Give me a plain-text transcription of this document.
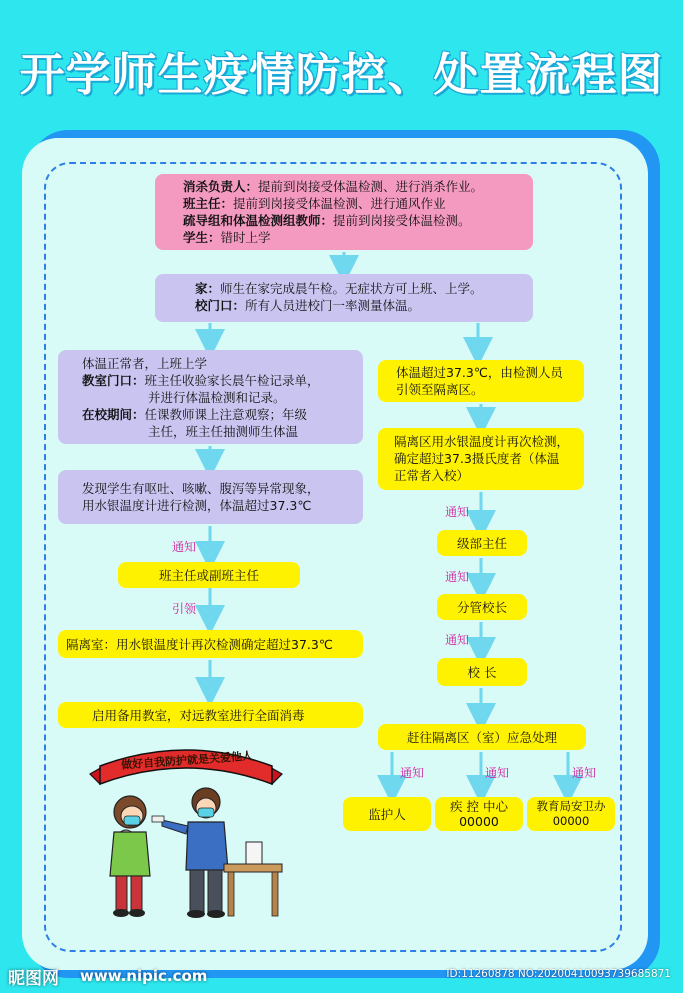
开学师生疫情防控、处置流程图
消杀负责人：提前到岗接受体温检测、进行消杀作业。
班主任：提前到岗接受体温检测、进行通风作业
疏导组和体温检测组教师：提前到岗接受体温检测。
学生：错时上学
家：师生在家完成晨午检。无症状方可上班、上学。
校门口：所有人员进校门一率测量体温。
体温正常者，上班上学
教室门口：班主任收验家长晨午检记录单，
并进行体温检测和记录。
在校期间：任课教师课上注意观察；年级
主任，班主任抽测师生体温
发现学生有呕吐、咳嗽、腹泻等异常现象，
用水银温度计进行检测，体温超过37.3℃
通知
班主任或副班主任
引领
隔离室：用水银温度计再次检测确定超过37.3℃
启用备用教室，对远教室进行全面消毒
体温超过37.3℃，由检测人员
引领至隔离区。
隔离区用水银温度计再次检测，
确定超过37.3摄氏度者（体温
正常者入校）
通知
级部主任
通知
分管校长
通知
校 长
赶往隔离区（室）应急处理
通知	通知	通知
监护人	疾 控 中心
00000
教育局安卫办
00000
做好自我防护就是关爱他人
昵图网 www.nipic.com	ID:11260878 NO:20200410093739685871
